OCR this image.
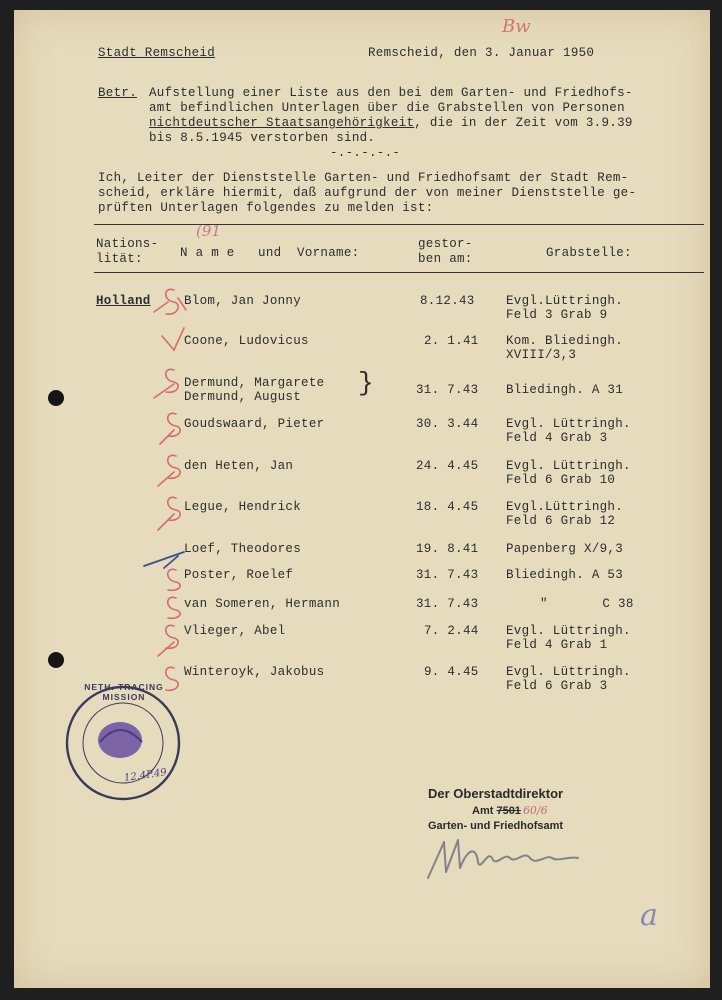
Stadt Remscheid	Remscheid, den 3. Januar 1950
Bw
Betr. Aufstellung einer Liste aus den bei dem Garten- und Friedhofs-
amt befindlichen Unterlagen über die Grabstellen von Personen
nichtdeutscher Staatsangehörigkeit, die in der Zeit vom 3.9.39
bis 8.5.1945 verstorben sind.
-.-.-.-.-
Ich, Leiter der Dienststelle Garten- und Friedhofsamt der Stadt Rem-
scheid, erkläre hiermit, daß aufgrund der von meiner Dienststelle ge-
prüften Unterlagen folgendes zu melden ist:
Nations-
lität:	N a m e   und  Vorname:
gestor-
ben am:	Grabstelle:
(91
Holland	Blom, Jan Jonny	8.12.43	Evgl.Lüttringh.
Feld 3 Grab 9
Coone, Ludovicus	2. 1.41 Kom. Bliedingh.
XVIII/3,3
Dermund, Margarete
Dermund, August }	31. 7.43 Bliedingh. A 31
Goudswaard, Pieter	30. 3.44 Evgl. Lüttringh.
Feld 4 Grab 3
den Heten, Jan	24. 4.45 Evgl. Lüttringh.
Feld 6 Grab 10
Legue, Hendrick	18. 4.45 Evgl.Lüttringh.
Feld 6 Grab 12
Loef, Theodores	19. 8.41 Papenberg X/9,3
Poster, Roelef	31. 7.43 Bliedingh. A 53
van Someren, Hermann	31. 7.43	"       C 38
Vlieger, Abel	7. 2.44 Evgl. Lüttringh.
Feld 4 Grab 1
Winteroyk, Jakobus	9. 4.45 Evgl. Lüttringh.
Feld 6 Grab 3
NETH. TRACING MISSION
12.4P.49
Der Oberstadtdirektor
Amt 7501 60/6
Garten- und Friedhofsamt
a
